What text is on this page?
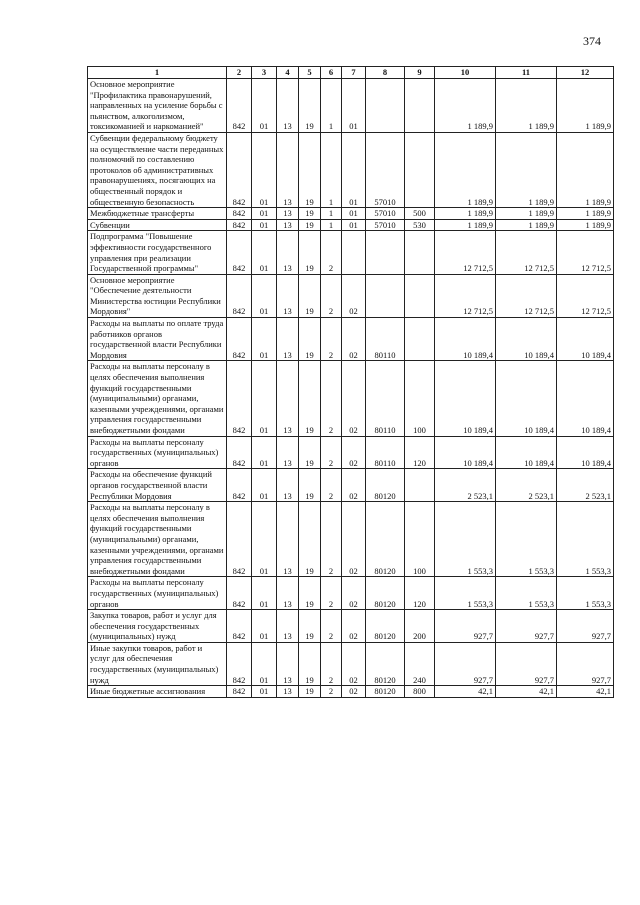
374
1	2	3	4	5	6	7	8	9	10	11	12
Основное мероприятие "Профилактика правонарушений, направленных на усиление борьбы с пьянством, алкоголизмом, токсикоманией и наркоманией"	842	01	13	19	1	01			1 189,9	1 189,9	1 189,9
Субвенции федеральному бюджету на осуществление части переданных полномочий по составлению протоколов об административных правонарушениях, посягающих на общественный порядок и общественную безопасность	842	01	13	19	1	01	57010		1 189,9	1 189,9	1 189,9
Межбюджетные трансферты	842	01	13	19	1	01	57010	500	1 189,9	1 189,9	1 189,9
Субвенции	842	01	13	19	1	01	57010	530	1 189,9	1 189,9	1 189,9
Подпрограмма "Повышение эффективности государственного управления при реализации Государственной программы"	842	01	13	19	2				12 712,5	12 712,5	12 712,5
Основное мероприятие "Обеспечение деятельности Министерства юстиции Республики Мордовия"	842	01	13	19	2	02			12 712,5	12 712,5	12 712,5
Расходы на выплаты по оплате труда работников органов государственной власти Республики Мордовия	842	01	13	19	2	02	80110		10 189,4	10 189,4	10 189,4
Расходы на выплаты персоналу в целях обеспечения выполнения функций государственными (муниципальными) органами, казенными учреждениями, органами управления государственными внебюджетными фондами	842	01	13	19	2	02	80110	100	10 189,4	10 189,4	10 189,4
Расходы на выплаты персоналу государственных (муниципальных) органов	842	01	13	19	2	02	80110	120	10 189,4	10 189,4	10 189,4
Расходы на обеспечение функций органов государственной власти Республики Мордовия	842	01	13	19	2	02	80120		2 523,1	2 523,1	2 523,1
Расходы на выплаты персоналу в целях обеспечения выполнения функций государственными (муниципальными) органами, казенными учреждениями, органами управления государственными внебюджетными фондами	842	01	13	19	2	02	80120	100	1 553,3	1 553,3	1 553,3
Расходы на выплаты персоналу государственных (муниципальных) органов	842	01	13	19	2	02	80120	120	1 553,3	1 553,3	1 553,3
Закупка товаров, работ и услуг для обеспечения государственных (муниципальных) нужд	842	01	13	19	2	02	80120	200	927,7	927,7	927,7
Иные закупки товаров, работ и услуг для обеспечения государственных (муниципальных) нужд	842	01	13	19	2	02	80120	240	927,7	927,7	927,7
Иные бюджетные ассигнования	842	01	13	19	2	02	80120	800	42,1	42,1	42,1
